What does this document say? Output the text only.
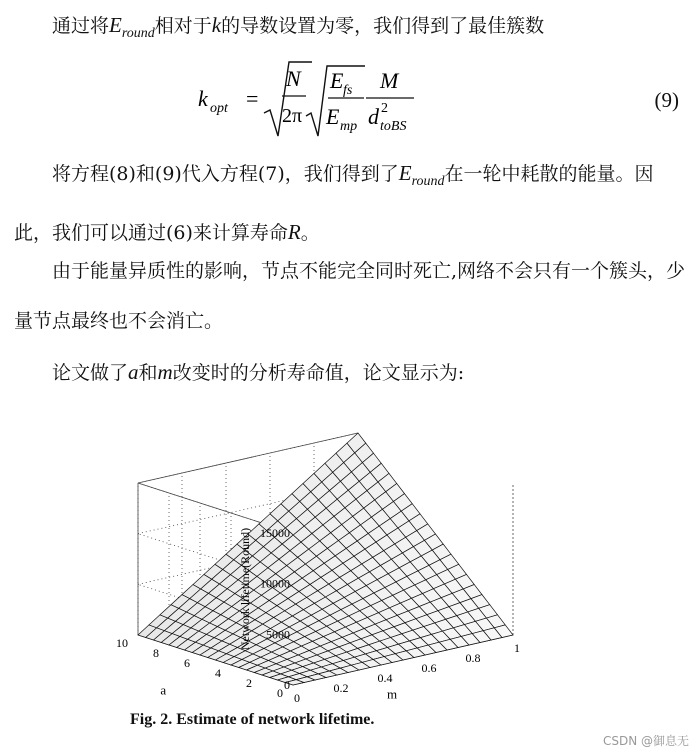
通过将$E_{round}$相对于k的导数设置为零，我们得到了最佳簇数
k opt =
N
2π
E fs
E mp
M
d 2
toBS
(9)
将方程(8)和(9)代入方程(7)，我们得到了$E_{round}$在一轮中耗散的能量。因此，我们可以通过(6)来计算寿命R。
由于能量异质性的影响，节点不能完全同时死亡,网络不会只有一个簇头，少量节点最终也不会消亡。
论文做了a和m改变时的分析寿命值，论文显示为:
0
5000
10000
15000
0
2
4
6
8
10
0
0.2
0.4
0.6
0.8
1
a	m
Network lifetime(Round)
Fig. 2. Estimate of network lifetime.
CSDN @御息无
